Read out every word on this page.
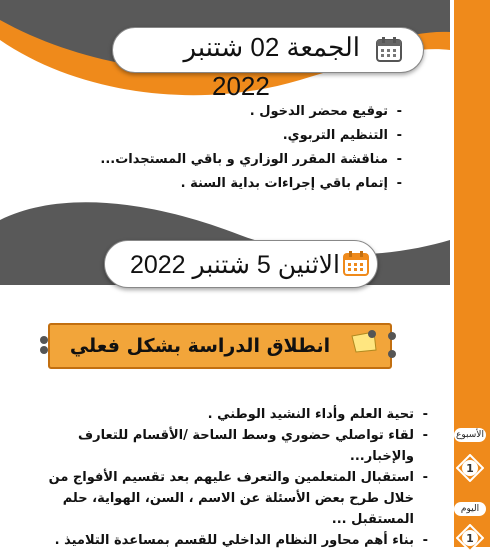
الجمعة 02 شتنبر
2022
- توقيع محضر الدخول .
- التنظيم التربوي.
- مناقشة المقرر الوزاري و باقي المستجدات...
- إتمام باقي إجراءات بداية السنة .
الاثنين 5 شتنبر 2022
انطلاق الدراسة بشكل فعلي
- تحية العلم وأداء النشيد الوطني .
- لقاء تواصلي حضوري وسط الساحة /الأقسام للتعارف والإخبار...
- استقبال المتعلمين والتعرف عليهم بعد تقسيم الأفواج من خلال طرح بعض الأسئلة عن الاسم ، السن، الهواية، حلم المستقبل ...
- بناء أهم محاور النظام الداخلي للقسم بمساعدة التلاميذ .
الأسبوع
1
اليوم
1
